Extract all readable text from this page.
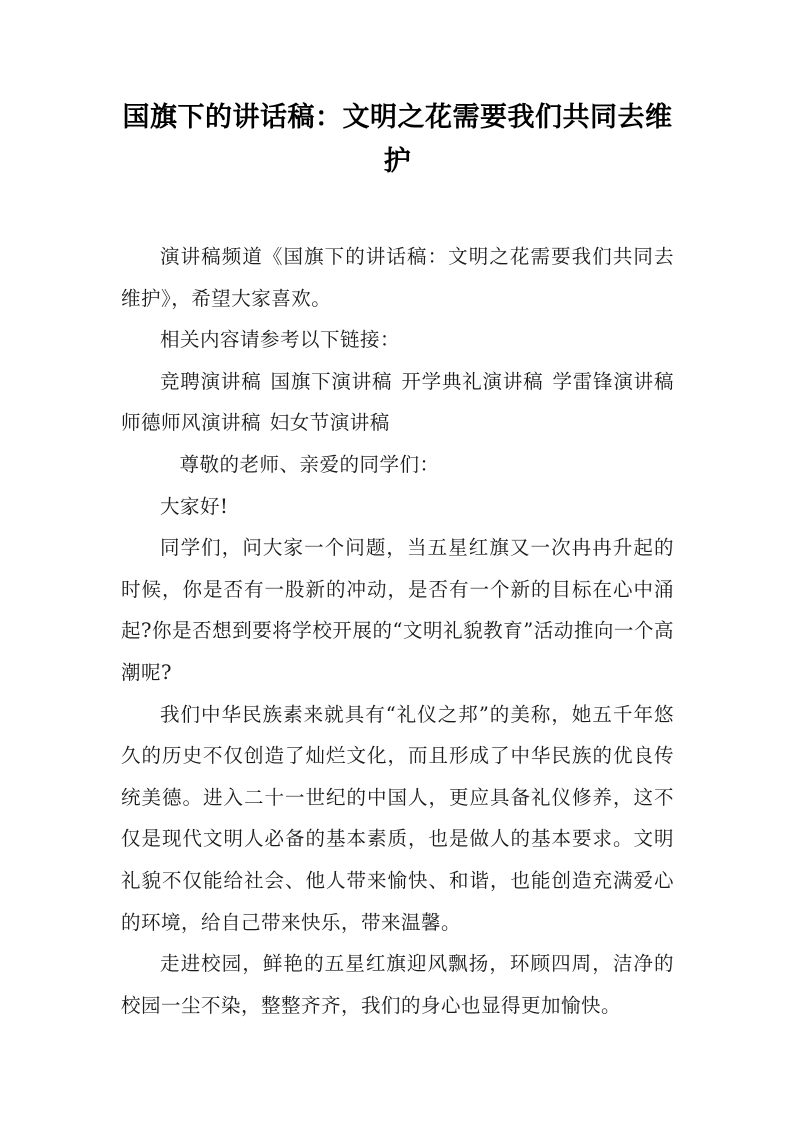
国旗下的讲话稿：文明之花需要我们共同去维护

演讲稿频道《国旗下的讲话稿：文明之花需要我们共同去维护》，希望大家喜欢。

相关内容请参考以下链接：

竞聘演讲稿 国旗下演讲稿 开学典礼演讲稿 学雷锋演讲稿 师德师风演讲稿 妇女节演讲稿

尊敬的老师、亲爱的同学们：

大家好!

同学们，问大家一个问题，当五星红旗又一次冉冉升起的时候，你是否有一股新的冲动，是否有一个新的目标在心中涌起?你是否想到要将学校开展的“文明礼貌教育”活动推向一个高潮呢?

我们中华民族素来就具有“礼仪之邦”的美称，她五千年悠久的历史不仅创造了灿烂文化，而且形成了中华民族的优良传统美德。进入二十一世纪的中国人，更应具备礼仪修养，这不仅是现代文明人必备的基本素质，也是做人的基本要求。文明礼貌不仅能给社会、他人带来愉快、和谐，也能创造充满爱心的环境，给自己带来快乐，带来温馨。

走进校园，鲜艳的五星红旗迎风飘扬，环顾四周，洁净的校园一尘不染，整整齐齐，我们的身心也显得更加愉快。
